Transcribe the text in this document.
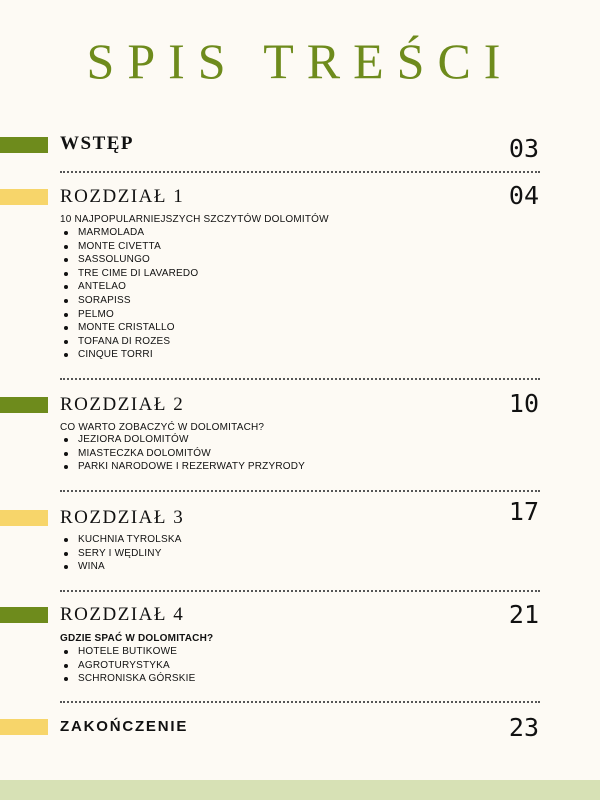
SPIS TREŚCI
WSTĘP	03
ROZDZIAŁ 1	04
10 NAJPOPULARNIEJSZYCH SZCZYTÓW DOLOMITÓW
MARMOLADA
MONTE CIVETTA
SASSOLUNGO
TRE CIME DI LAVAREDO
ANTELAO
SORAPISS
PELMO
MONTE CRISTALLO
TOFANA DI ROZES
CINQUE TORRI
ROZDZIAŁ 2	10
CO WARTO ZOBACZYĆ W DOLOMITACH?
JEZIORA DOLOMITÓW
MIASTECZKA DOLOMITÓW
PARKI NARODOWE I REZERWATY PRZYRODY
ROZDZIAŁ 3	17
KUCHNIA TYROLSKA
SERY I WĘDLINY
WINA
ROZDZIAŁ 4	21
GDZIE SPAĆ W DOLOMITACH?
HOTELE BUTIKOWE
AGROTURYSTYKA
SCHRONISKA GÓRSKIE
ZAKOŃCZENIE	23
